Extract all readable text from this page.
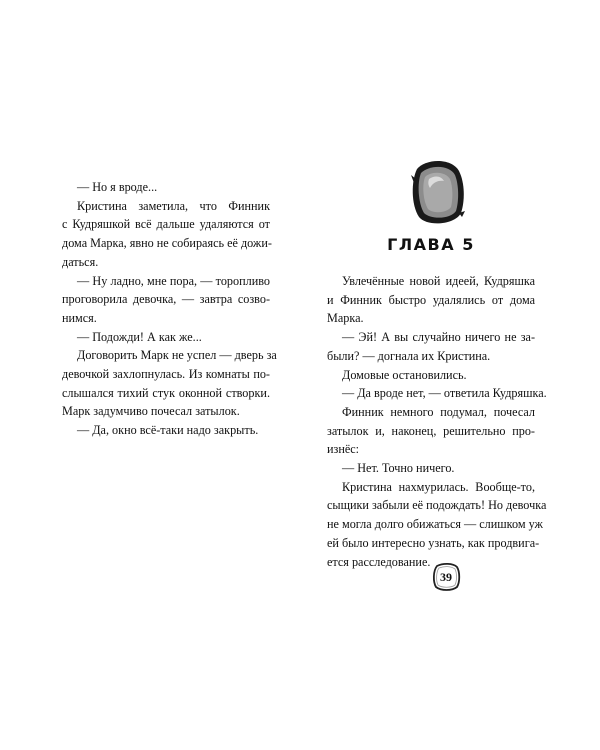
— Но я вроде...

Кристина заметила, что Финник

с Кудряшкой всё дальше удаляются от

дома Марка, явно не собираясь её дожи-

даться.

— Ну ладно, мне пора, — торопливо

проговорила девочка, — завтра созво-

нимся.

— Подожди! А как же...

Договорить Марк не успел — дверь за

девочкой захлопнулась. Из комнаты по-

слышался тихий стук оконной створки.

Марк задумчиво почесал затылок.

— Да, окно всё-таки надо закрыть.

ГЛАВА 5

Увлечённые новой идеей, Кудряшка

и Финник быстро удалялись от дома

Марка.

— Эй! А вы случайно ничего не за-

были? — догнала их Кристина.

Домовые остановились.

— Да вроде нет, — ответила Кудряшка.

Финник немного подумал, почесал

затылок и, наконец, решительно про-

изнёс:

— Нет. Точно ничего.

Кристина нахмурилась. Вообще-то,

сыщики забыли её подождать! Но девочка

не могла долго обижаться — слишком уж

ей было интересно узнать, как продвига-

ется расследование.

39
